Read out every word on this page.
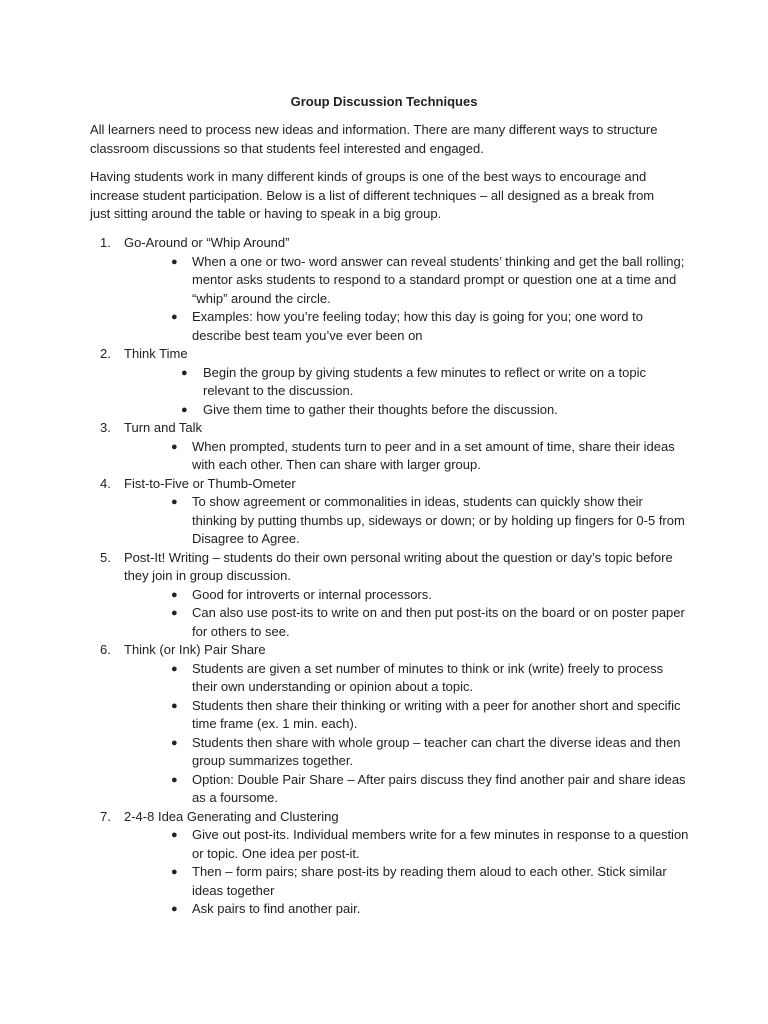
Group Discussion Techniques

All learners need to process new ideas and information. There are many different ways to structure classroom discussions so that students feel interested and engaged.

Having students work in many different kinds of groups is one of the best ways to encourage and increase student participation. Below is a list of different techniques – all designed as a break from just sitting around the table or having to speak in a big group.

1. Go-Around or “Whip Around”
● When a one or two- word answer can reveal students’ thinking and get the ball rolling; mentor asks students to respond to a standard prompt or question one at a time and “whip” around the circle.
● Examples: how you’re feeling today; how this day is going for you; one word to describe best team you’ve ever been on
2. Think Time
● Begin the group by giving students a few minutes to reflect or write on a topic relevant to the discussion.
● Give them time to gather their thoughts before the discussion.
3. Turn and Talk
● When prompted, students turn to peer and in a set amount of time, share their ideas with each other. Then can share with larger group.
4. Fist-to-Five or Thumb-Ometer
● To show agreement or commonalities in ideas, students can quickly show their thinking by putting thumbs up, sideways or down; or by holding up fingers for 0-5 from Disagree to Agree.
5. Post-It! Writing – students do their own personal writing about the question or day’s topic before they join in group discussion.
● Good for introverts or internal processors.
● Can also use post-its to write on and then put post-its on the board or on poster paper for others to see.
6. Think (or Ink) Pair Share
● Students are given a set number of minutes to think or ink (write) freely to process their own understanding or opinion about a topic.
● Students then share their thinking or writing with a peer for another short and specific time frame (ex. 1 min. each).
● Students then share with whole group – teacher can chart the diverse ideas and then group summarizes together.
● Option: Double Pair Share – After pairs discuss they find another pair and share ideas as a foursome.
7. 2-4-8 Idea Generating and Clustering
● Give out post-its. Individual members write for a few minutes in response to a question or topic. One idea per post-it.
● Then – form pairs; share post-its by reading them aloud to each other. Stick similar ideas together
● Ask pairs to find another pair.
